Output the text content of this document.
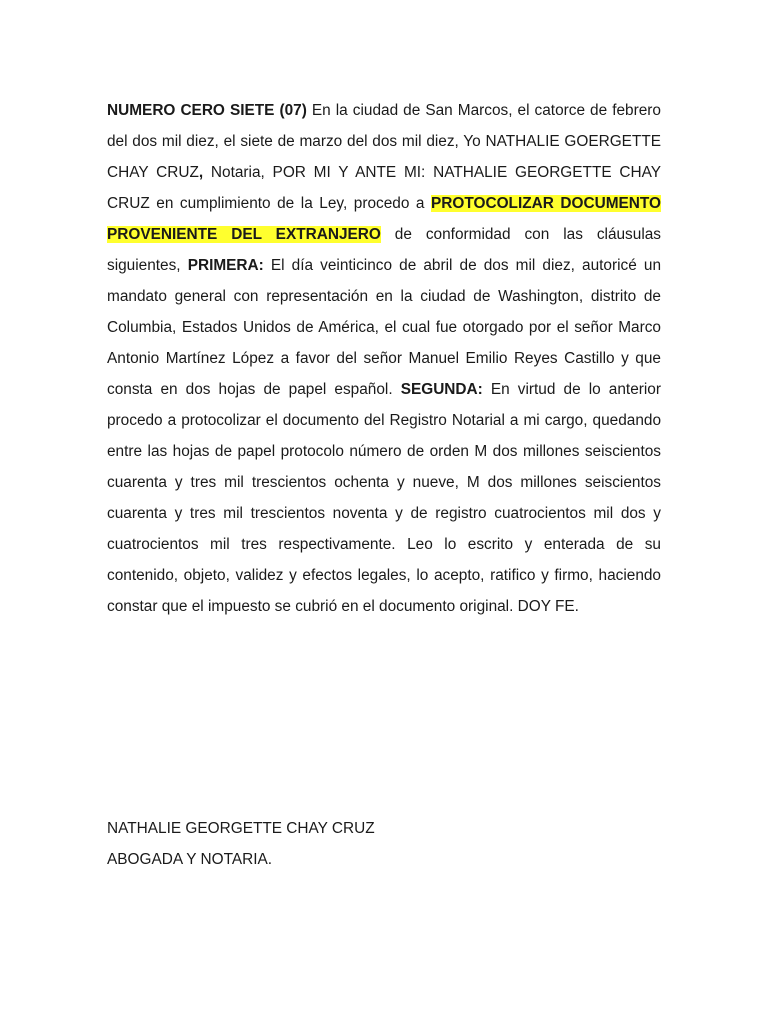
NUMERO CERO SIETE (07) En la ciudad de San Marcos, el catorce de febrero del dos mil diez, el siete de marzo del dos mil diez, Yo NATHALIE GOERGETTE CHAY CRUZ, Notaria, POR MI Y ANTE MI: NATHALIE GEORGETTE CHAY CRUZ en cumplimiento de la Ley, procedo a PROTOCOLIZAR DOCUMENTO PROVENIENTE DEL EXTRANJERO de conformidad con las cláusulas siguientes, PRIMERA: El día veinticinco de abril de dos mil diez, autoricé un mandato general con representación en la ciudad de Washington, distrito de Columbia, Estados Unidos de América, el cual fue otorgado por el señor Marco Antonio Martínez López a favor del señor Manuel Emilio Reyes Castillo y que consta en dos hojas de papel español. SEGUNDA: En virtud de lo anterior procedo a protocolizar el documento del Registro Notarial a mi cargo, quedando entre las hojas de papel protocolo número de orden M dos millones seiscientos cuarenta y tres mil trescientos ochenta y nueve, M dos millones seiscientos cuarenta y tres mil trescientos noventa y de registro cuatrocientos mil dos y cuatrocientos mil tres respectivamente. Leo lo escrito y enterada de su contenido, objeto, validez y efectos legales, lo acepto, ratifico y firmo, haciendo constar que el impuesto se cubrió en el documento original. DOY FE.

NATHALIE GEORGETTE CHAY CRUZ

ABOGADA Y NOTARIA.
